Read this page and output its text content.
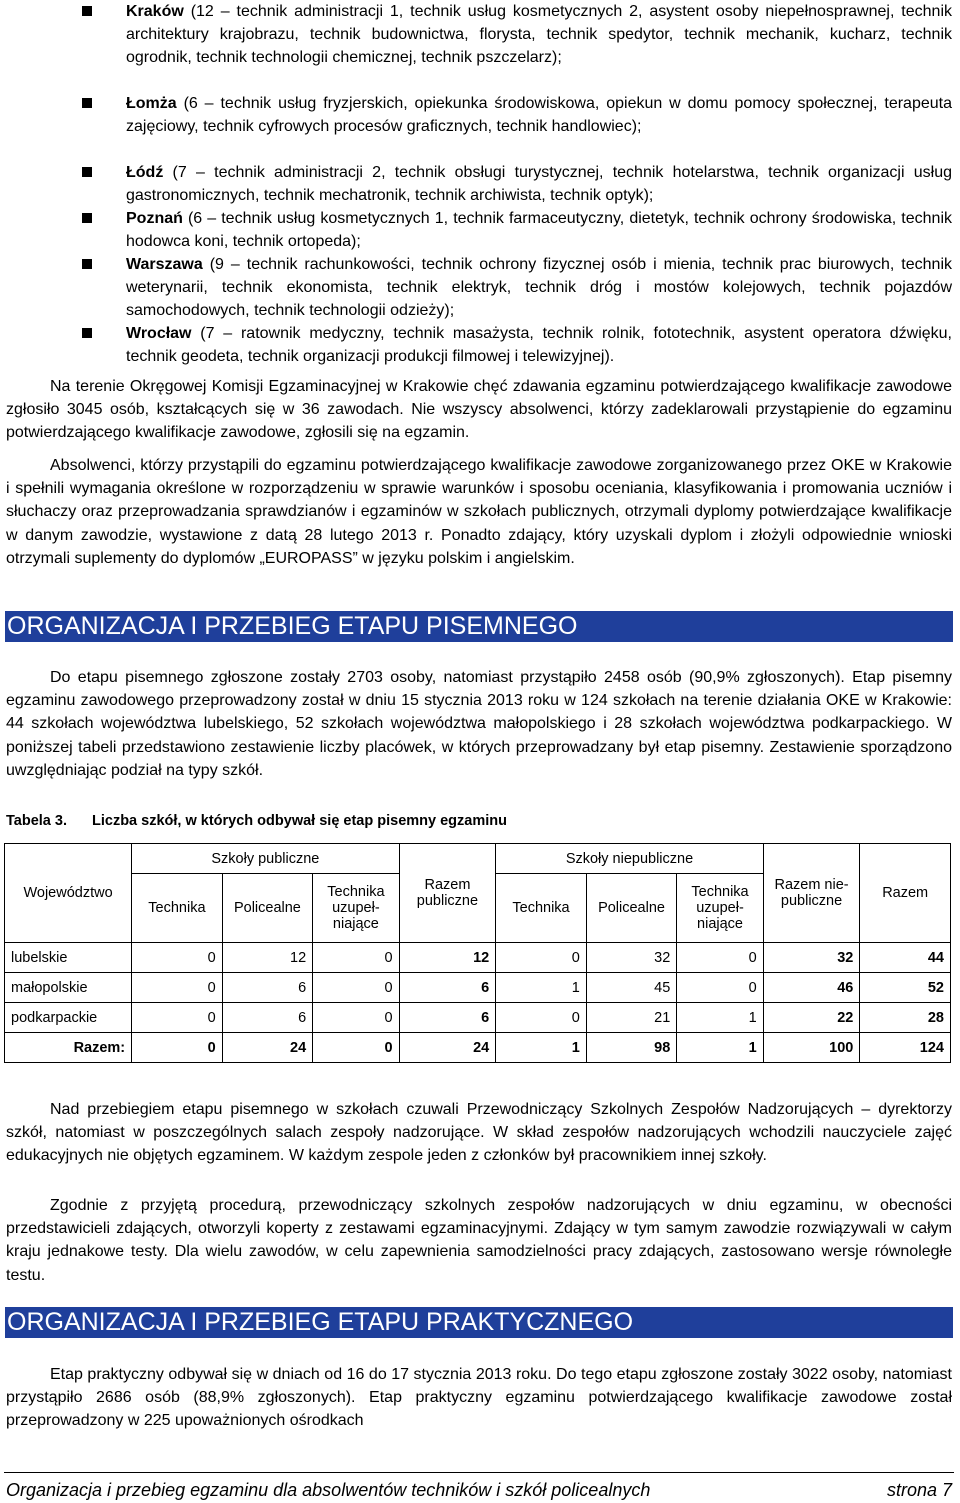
Kraków (12 – technik administracji 1, technik usług kosmetycznych 2, asystent osoby niepełnosprawnej, technik architektury krajobrazu, technik budownictwa, florysta, technik spedytor, technik mechanik, kucharz, technik ogrodnik, technik technologii chemicznej, technik pszczelarz);
Łomża (6 – technik usług fryzjerskich, opiekunka środowiskowa, opiekun w domu pomocy społecznej, terapeuta zajęciowy, technik cyfrowych procesów graficznych, technik handlowiec);
Łódź (7 – technik administracji 2, technik obsługi turystycznej, technik hotelarstwa, technik organizacji usług gastronomicznych, technik mechatronik, technik archiwista, technik optyk);
Poznań (6 – technik usług kosmetycznych 1, technik farmaceutyczny, dietetyk, technik ochrony środowiska, technik hodowca koni, technik ortopeda);
Warszawa (9 – technik rachunkowości, technik ochrony fizycznej osób i mienia, technik prac biurowych, technik weterynarii, technik ekonomista, technik elektryk, technik dróg i mostów kolejowych, technik pojazdów samochodowych, technik technologii odzieży);
Wrocław (7 – ratownik medyczny, technik masażysta, technik rolnik, fototechnik, asystent operatora dźwięku, technik geodeta, technik organizacji produkcji filmowej i telewizyjnej).

Na terenie Okręgowej Komisji Egzaminacyjnej w Krakowie chęć zdawania egzaminu potwierdzającego kwalifikacje zawodowe zgłosiło 3045 osób, kształcących się w 36 zawodach. Nie wszyscy absolwenci, którzy zadeklarowali przystąpienie do egzaminu potwierdzającego kwalifikacje zawodowe, zgłosili się na egzamin.

Absolwenci, którzy przystąpili do egzaminu potwierdzającego kwalifikacje zawodowe zorganizowanego przez OKE w Krakowie i spełnili wymagania określone w rozporządzeniu w sprawie warunków i sposobu oceniania, klasyfikowania i promowania uczniów i słuchaczy oraz przeprowadzania sprawdzianów i egzaminów w szkołach publicznych, otrzymali dyplomy potwierdzające kwalifikacje w danym zawodzie, wystawione z datą 28 lutego 2013 r. Ponadto zdający, który uzyskali dyplom i złożyli odpowiednie wnioski otrzymali suplementy do dyplomów „EUROPASS” w języku polskim i angielskim.

ORGANIZACJA I PRZEBIEG ETAPU PISEMNEGO

Do etapu pisemnego zgłoszone zostały 2703 osoby, natomiast przystąpiło 2458 osób (90,9% zgłoszonych). Etap pisemny egzaminu zawodowego przeprowadzony został w dniu 15 stycznia 2013 roku w 124 szkołach na terenie działania OKE w Krakowie: 44 szkołach województwa lubelskiego, 52 szkołach województwa małopolskiego i 28 szkołach województwa podkarpackiego. W poniższej tabeli przedstawiono zestawienie liczby placówek, w których przeprowadzany był etap pisemny. Zestawienie sporządzono uwzględniając podział na typy szkół.

Tabela 3. Liczba szkół, w których odbywał się etap pisemny egzaminu
Województwo	Szkoły publiczne			Razem publiczne	Szkoły niepubliczne			Razem nie-publiczne	Razem
	Technika	Policealne	Technika uzupeł-niające		Technika	Policealne	Technika uzupeł-niające		
lubelskie	0	12	0	12	0	32	0	32	44
małopolskie	0	6	0	6	1	45	0	46	52
podkarpackie	0	6	0	6	0	21	1	22	28
Razem:	0	24	0	24	1	98	1	100	124

Nad przebiegiem etapu pisemnego w szkołach czuwali Przewodniczący Szkolnych Zespołów Nadzorujących – dyrektorzy szkół, natomiast w poszczególnych salach zespoły nadzorujące. W skład zespołów nadzorujących wchodzili nauczyciele zajęć edukacyjnych nie objętych egzaminem. W każdym zespole jeden z członków był pracownikiem innej szkoły.

Zgodnie z przyjętą procedurą, przewodniczący szkolnych zespołów nadzorujących w dniu egzaminu, w obecności przedstawicieli zdających, otworzyli koperty z zestawami egzaminacyjnymi. Zdający w tym samym zawodzie rozwiązywali w całym kraju jednakowe testy. Dla wielu zawodów, w celu zapewnienia samodzielności pracy zdających, zastosowano wersje równoległe testu.

ORGANIZACJA I PRZEBIEG ETAPU PRAKTYCZNEGO

Etap praktyczny odbywał się w dniach od 16 do 17 stycznia 2013 roku. Do tego etapu zgłoszone zostały 3022 osoby, natomiast przystąpiło 2686 osób (88,9% zgłoszonych). Etap praktyczny egzaminu potwierdzającego kwalifikacje zawodowe został przeprowadzony w 225 upoważnionych ośrodkach

Organizacja i przebieg egzaminu dla absolwentów techników i szkół policealnych	strona 7
